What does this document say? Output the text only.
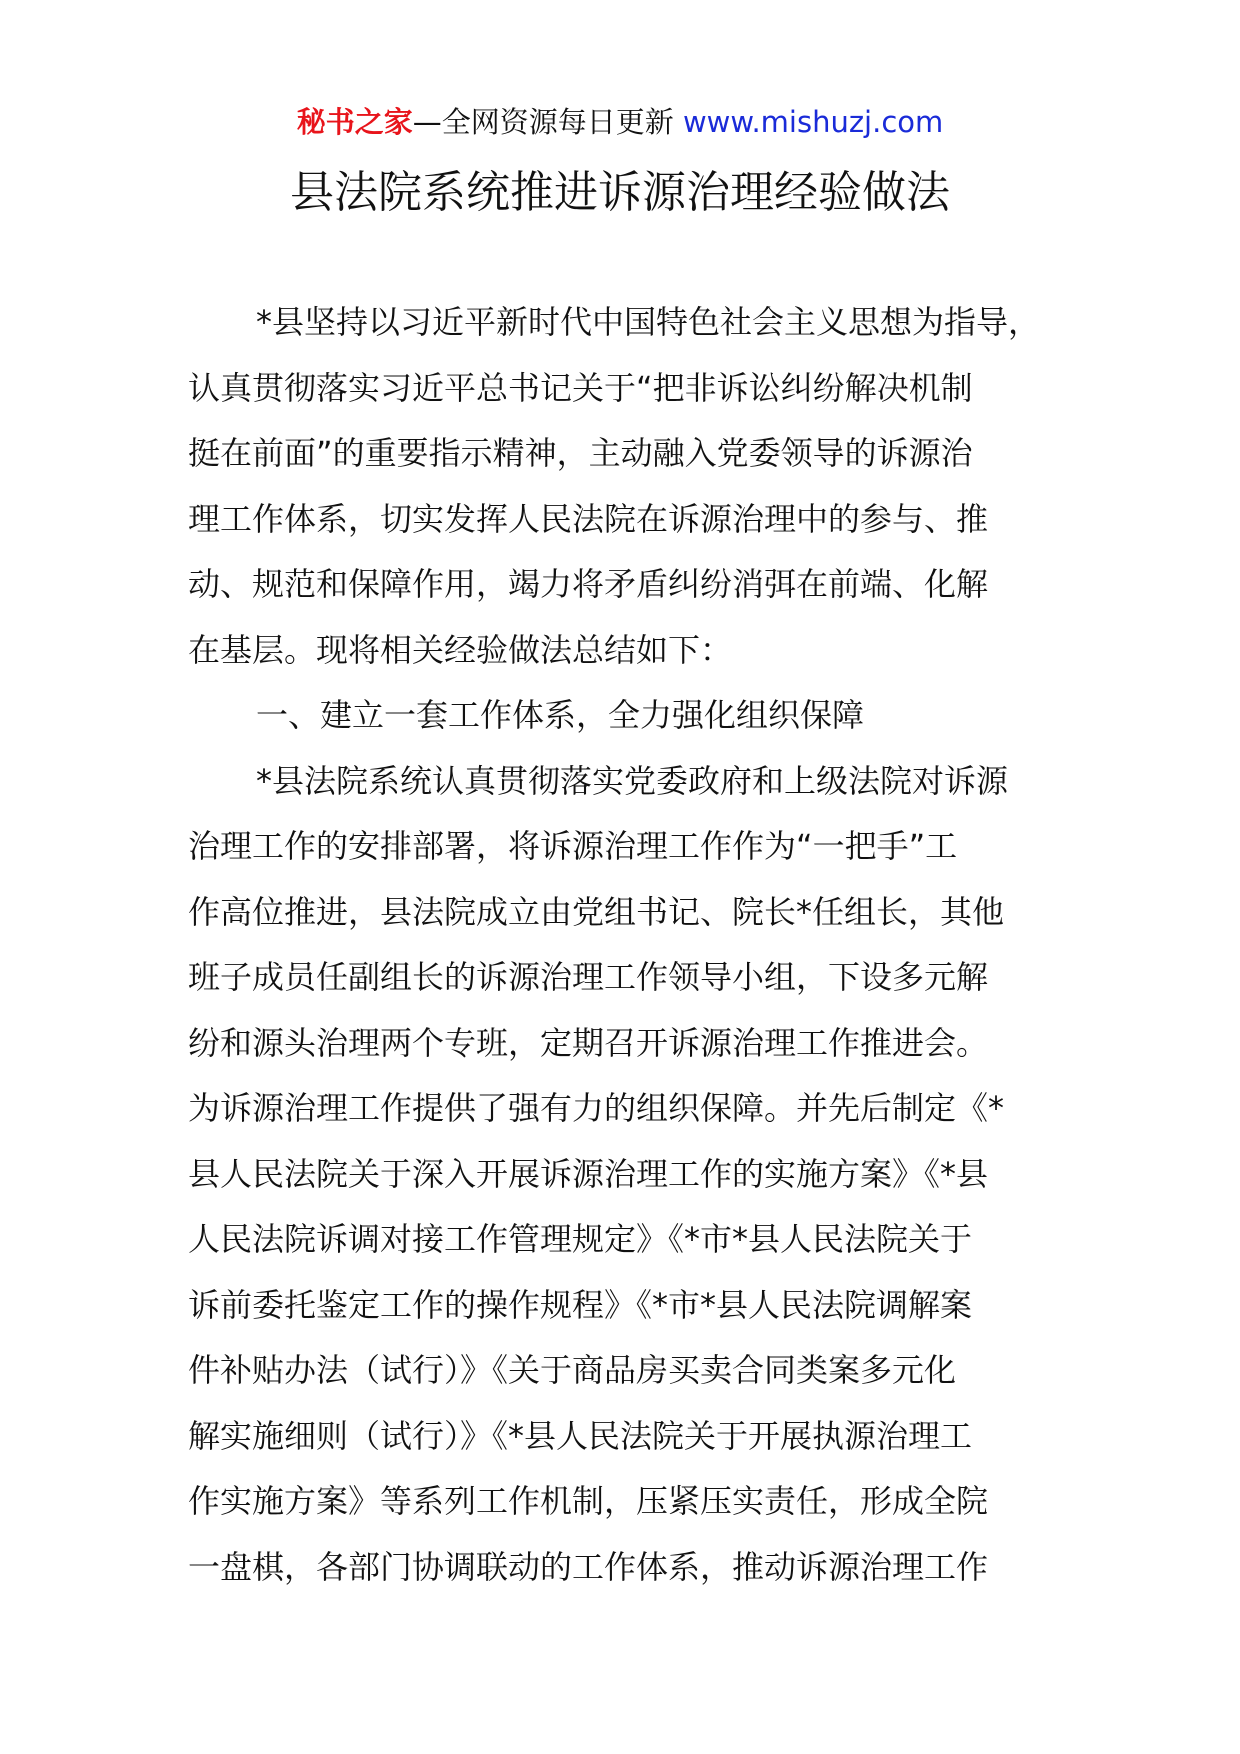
秘书之家—全网资源每日更新 www.mishuzj.com
县法院系统推进诉源治理经验做法

*县坚持以习近平新时代中国特色社会主义思想为指导，

认真贯彻落实习近平总书记关于“把非诉讼纠纷解决机制

挺在前面”的重要指示精神，主动融入党委领导的诉源治

理工作体系，切实发挥人民法院在诉源治理中的参与、推

动、规范和保障作用，竭力将矛盾纠纷消弭在前端、化解

在基层。现将相关经验做法总结如下：

一、建立一套工作体系，全力强化组织保障

*县法院系统认真贯彻落实党委政府和上级法院对诉源

治理工作的安排部署，将诉源治理工作作为“一把手”工

作高位推进，县法院成立由党组书记、院长*任组长，其他

班子成员任副组长的诉源治理工作领导小组，下设多元解

纷和源头治理两个专班，定期召开诉源治理工作推进会。

为诉源治理工作提供了强有力的组织保障。并先后制定《*

县人民法院关于深入开展诉源治理工作的实施方案》《*县

人民法院诉调对接工作管理规定》《*市*县人民法院关于

诉前委托鉴定工作的操作规程》《*市*县人民法院调解案

件补贴办法（试行）》《关于商品房买卖合同类案多元化

解实施细则（试行）》《*县人民法院关于开展执源治理工

作实施方案》等系列工作机制，压紧压实责任，形成全院

一盘棋，各部门协调联动的工作体系，推动诉源治理工作
